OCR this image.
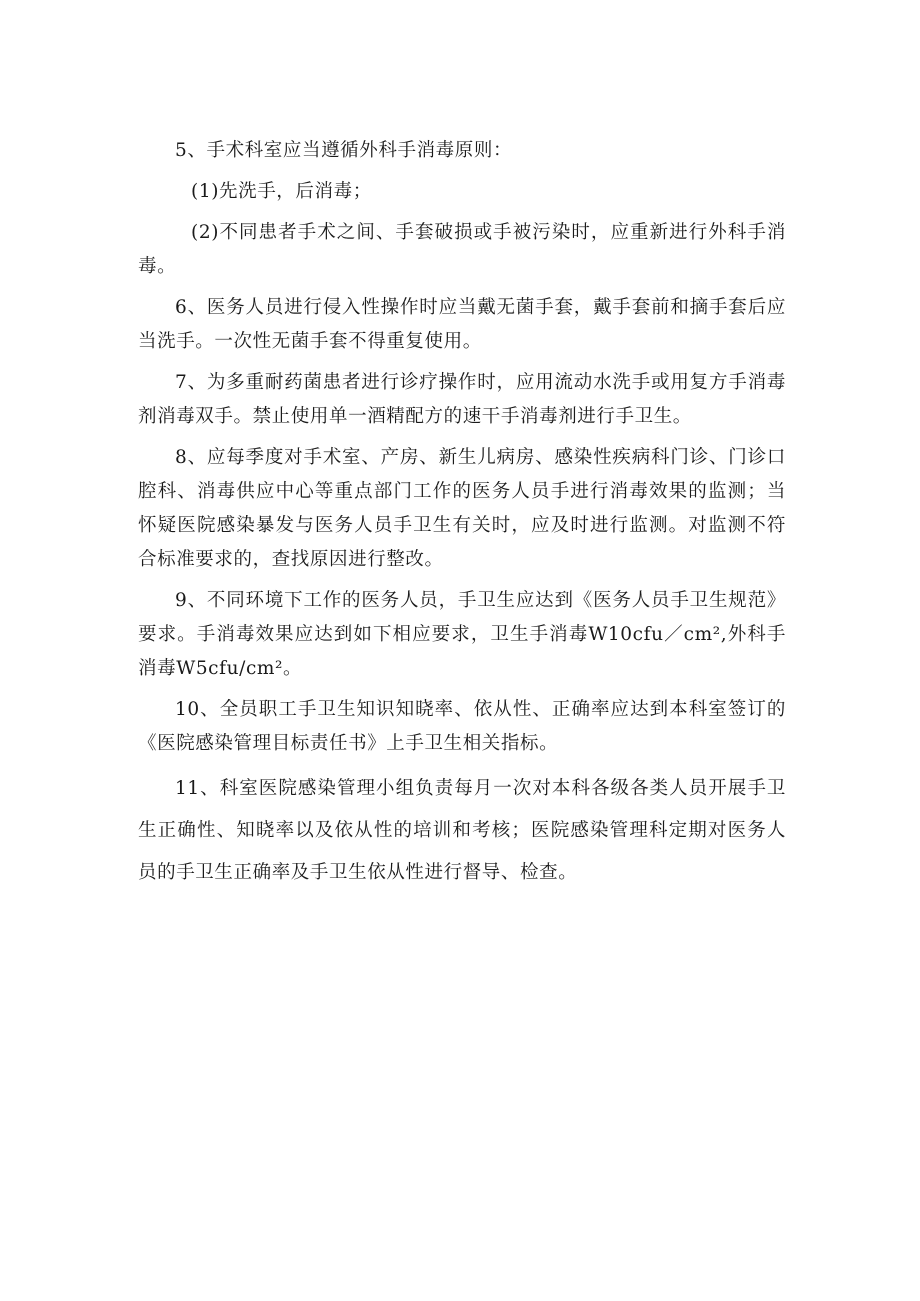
5、手术科室应当遵循外科手消毒原则：

(1)先洗手，后消毒；

(2)不同患者手术之间、手套破损或手被污染时，应重新进行外科手消毒。

6、医务人员进行侵入性操作时应当戴无菌手套，戴手套前和摘手套后应当洗手。一次性无菌手套不得重复使用。

7、为多重耐药菌患者进行诊疗操作时，应用流动水洗手或用复方手消毒剂消毒双手。禁止使用单一酒精配方的速干手消毒剂进行手卫生。

8、应每季度对手术室、产房、新生儿病房、感染性疾病科门诊、门诊口腔科、消毒供应中心等重点部门工作的医务人员手进行消毒效果的监测；当怀疑医院感染暴发与医务人员手卫生有关时，应及时进行监测。对监测不符合标准要求的，查找原因进行整改。

9、不同环境下工作的医务人员，手卫生应达到《医务人员手卫生规范》要求。手消毒效果应达到如下相应要求，卫生手消毒W10cfu／cm²,外科手消毒W5cfu/cm²。

10、全员职工手卫生知识知晓率、依从性、正确率应达到本科室签订的《医院感染管理目标责任书》上手卫生相关指标。

11、科室医院感染管理小组负责每月一次对本科各级各类人员开展手卫生正确性、知晓率以及依从性的培训和考核；医院感染管理科定期对医务人员的手卫生正确率及手卫生依从性进行督导、检查。
